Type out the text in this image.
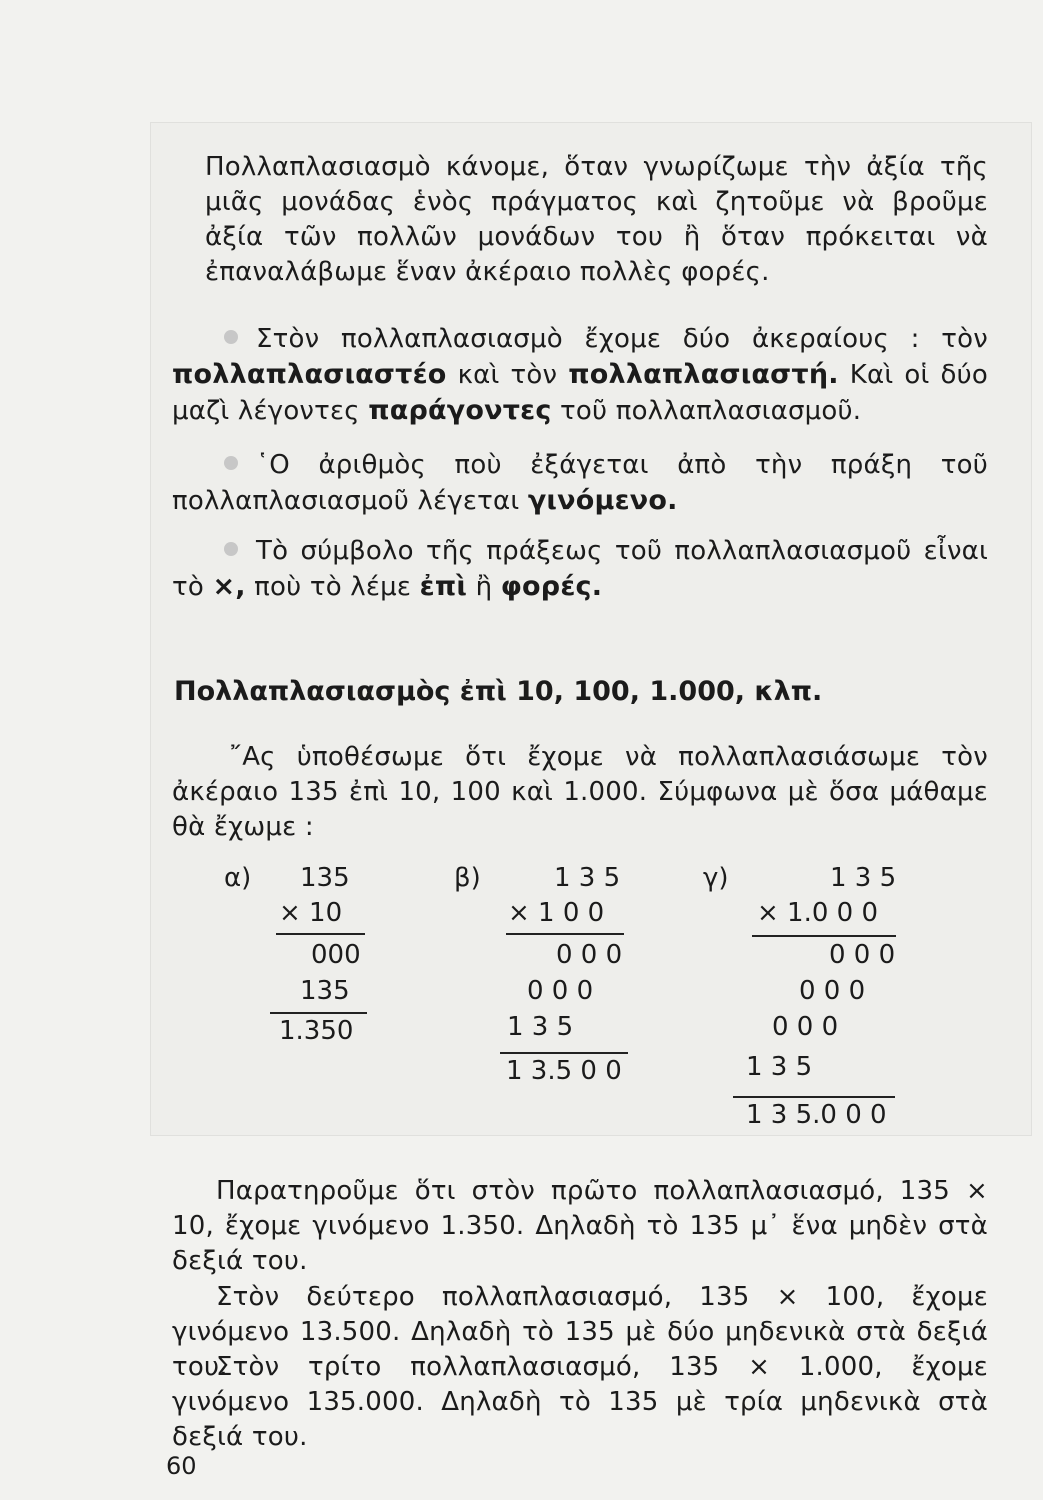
Πολλαπλασιασμὸ κάνομε, ὅταν γνωρίζωμε τὴν ἀξία τῆς μιᾶς μονάδας ἑνὸς πράγματος καὶ ζητοῦμε νὰ βροῦμε ἀξία τῶν πολλῶν μονάδων του ἢ ὅταν πρόκειται νὰ ἐπαναλάβωμε ἕναν ἀκέραιο πολλὲς φορές.
Στὸν πολλαπλασιασμὸ ἔχομε δύο ἀκεραίους : τὸν πολλαπλασιαστέο καὶ τὸν πολλαπλασιαστή. Καὶ οἱ δύο μαζὶ λέγοντες παράγοντες τοῦ πολλαπλασιασμοῦ.
῾Ο ἀριθμὸς ποὺ ἐξάγεται ἀπὸ τὴν πράξη τοῦ πολλαπλασιασμοῦ λέγεται γινόμενο.
Τὸ σύμβολο τῆς πράξεως τοῦ πολλαπλασιασμοῦ εἶναι τὸ ×, ποὺ τὸ λέμε ἐπὶ ἢ φορές.
Πολλαπλασιασμὸς ἐπὶ 10, 100, 1.000, κλπ.
῎Ας ὑποθέσωμε ὅτι ἔχομε νὰ πολλαπλασιάσωμε τὸν ἀκέραιο 135 ἐπὶ 10, 100 καὶ 1.000. Σύμφωνα μὲ ὅσα μάθαμε θὰ ἔχωμε :
α) 135
× 10
000
135
1.350
β)	1 3 5
× 1 0 0
0 0 0
0 0 0
1 3 5
1 3.5 0 0
γ)	1 3 5
× 1.0 0 0
0 0 0
0 0 0
0 0 0
1 3 5
1 3 5.0 0 0
Παρατηροῦμε ὅτι στὸν πρῶτο πολλαπλασιασμό, 135 × 10, ἔχομε γινόμενο 1.350. Δηλαδὴ τὸ 135 μ᾽ ἕνα μηδὲν στὰ δεξιά του.
Στὸν δεύτερο πολλαπλασιασμό, 135 × 100, ἔχομε γινόμενο 13.500. Δηλαδὴ τὸ 135 μὲ δύο μηδενικὰ στὰ δεξιά του.
Στὸν τρίτο πολλαπλασιασμό, 135 × 1.000, ἔχομε γινόμενο 135.000. Δηλαδὴ τὸ 135 μὲ τρία μηδενικὰ στὰ δεξιά του.
60
